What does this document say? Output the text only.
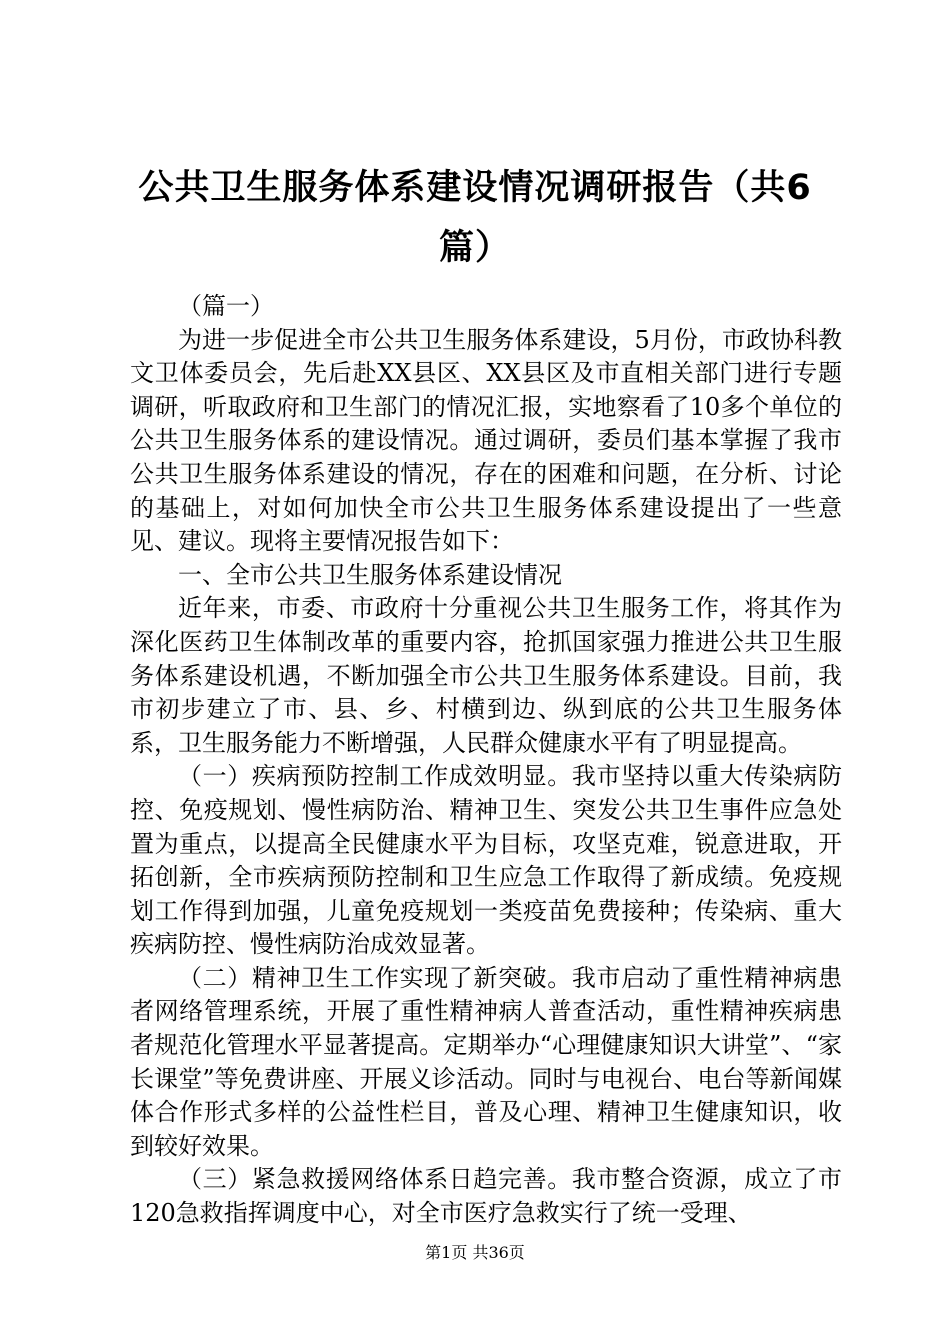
公共卫生服务体系建设情况调研报告（共6篇）

（篇一）

为进一步促进全市公共卫生服务体系建设，5月份，市政协科教文卫体委员会，先后赴XX县区、XX县区及市直相关部门进行专题调研，听取政府和卫生部门的情况汇报，实地察看了10多个单位的公共卫生服务体系的建设情况。通过调研，委员们基本掌握了我市公共卫生服务体系建设的情况，存在的困难和问题，在分析、讨论的基础上，对如何加快全市公共卫生服务体系建设提出了一些意见、建议。现将主要情况报告如下：

一、全市公共卫生服务体系建设情况

近年来，市委、市政府十分重视公共卫生服务工作，将其作为深化医药卫生体制改革的重要内容，抢抓国家强力推进公共卫生服务体系建设机遇，不断加强全市公共卫生服务体系建设。目前，我市初步建立了市、县、乡、村横到边、纵到底的公共卫生服务体系，卫生服务能力不断增强，人民群众健康水平有了明显提高。

（一）疾病预防控制工作成效明显。我市坚持以重大传染病防控、免疫规划、慢性病防治、精神卫生、突发公共卫生事件应急处置为重点，以提高全民健康水平为目标，攻坚克难，锐意进取，开拓创新，全市疾病预防控制和卫生应急工作取得了新成绩。免疫规划工作得到加强，儿童免疫规划一类疫苗免费接种；传染病、重大疾病防控、慢性病防治成效显著。

（二）精神卫生工作实现了新突破。我市启动了重性精神病患者网络管理系统，开展了重性精神病人普查活动，重性精神疾病患者规范化管理水平显著提高。定期举办“心理健康知识大讲堂”、“家长课堂”等免费讲座、开展义诊活动。同时与电视台、电台等新闻媒体合作形式多样的公益性栏目，普及心理、精神卫生健康知识，收到较好效果。

（三）紧急救援网络体系日趋完善。我市整合资源，成立了市120急救指挥调度中心，对全市医疗急救实行了统一受理、

第1页 共36页
